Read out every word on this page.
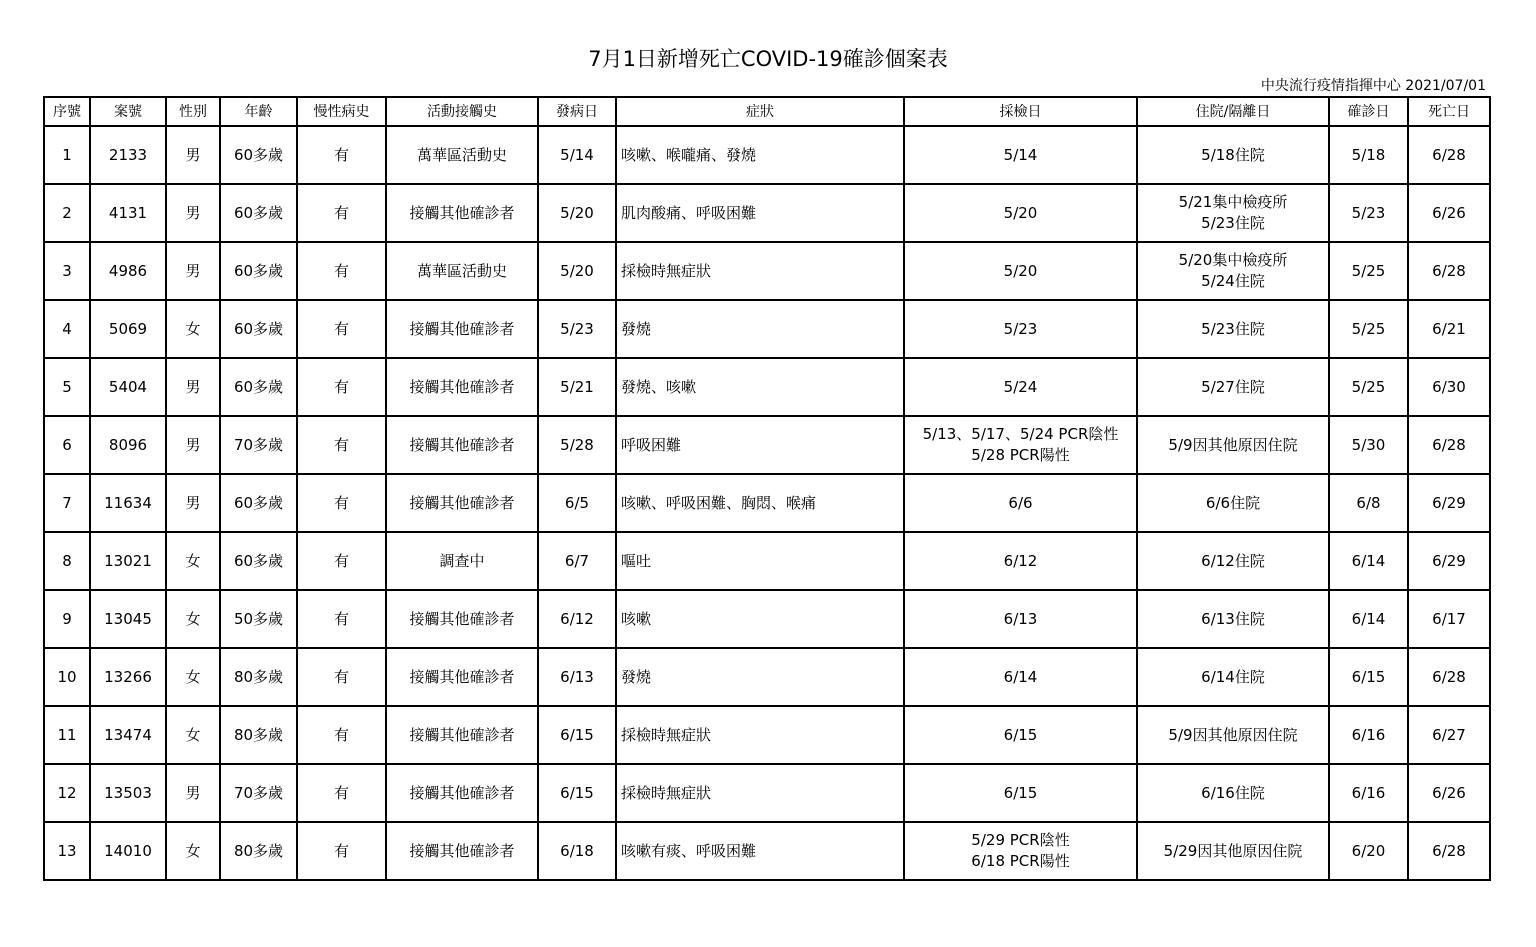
7月1日新增死亡COVID-19確診個案表
中央流行疫情指揮中心 2021/07/01
序號	案號	性別	年齡	慢性病史	活動接觸史	發病日	症狀	採檢日	住院/隔離日	確診日	死亡日
1	2133	男	60多歲	有	萬華區活動史	5/14	咳嗽、喉嚨痛、發燒	5/14	5/18住院	5/18	6/28
2	4131	男	60多歲	有	接觸其他確診者	5/20	肌肉酸痛、呼吸困難	5/20	5/21集中檢疫所
5/23住院	5/23	6/26
3	4986	男	60多歲	有	萬華區活動史	5/20	採檢時無症狀	5/20	5/20集中檢疫所
5/24住院	5/25	6/28
4	5069	女	60多歲	有	接觸其他確診者	5/23	發燒	5/23	5/23住院	5/25	6/21
5	5404	男	60多歲	有	接觸其他確診者	5/21	發燒、咳嗽	5/24	5/27住院	5/25	6/30
6	8096	男	70多歲	有	接觸其他確診者	5/28	呼吸困難	5/13、5/17、5/24 PCR陰性
5/28 PCR陽性	5/9因其他原因住院	5/30	6/28
7	11634	男	60多歲	有	接觸其他確診者	6/5	咳嗽、呼吸困難、胸悶、喉痛	6/6	6/6住院	6/8	6/29
8	13021	女	60多歲	有	調查中	6/7	嘔吐	6/12	6/12住院	6/14	6/29
9	13045	女	50多歲	有	接觸其他確診者	6/12	咳嗽	6/13	6/13住院	6/14	6/17
10	13266	女	80多歲	有	接觸其他確診者	6/13	發燒	6/14	6/14住院	6/15	6/28
11	13474	女	80多歲	有	接觸其他確診者	6/15	採檢時無症狀	6/15	5/9因其他原因住院	6/16	6/27
12	13503	男	70多歲	有	接觸其他確診者	6/15	採檢時無症狀	6/15	6/16住院	6/16	6/26
13	14010	女	80多歲	有	接觸其他確診者	6/18	咳嗽有痰、呼吸困難	5/29 PCR陰性
6/18 PCR陽性	5/29因其他原因住院	6/20	6/28
